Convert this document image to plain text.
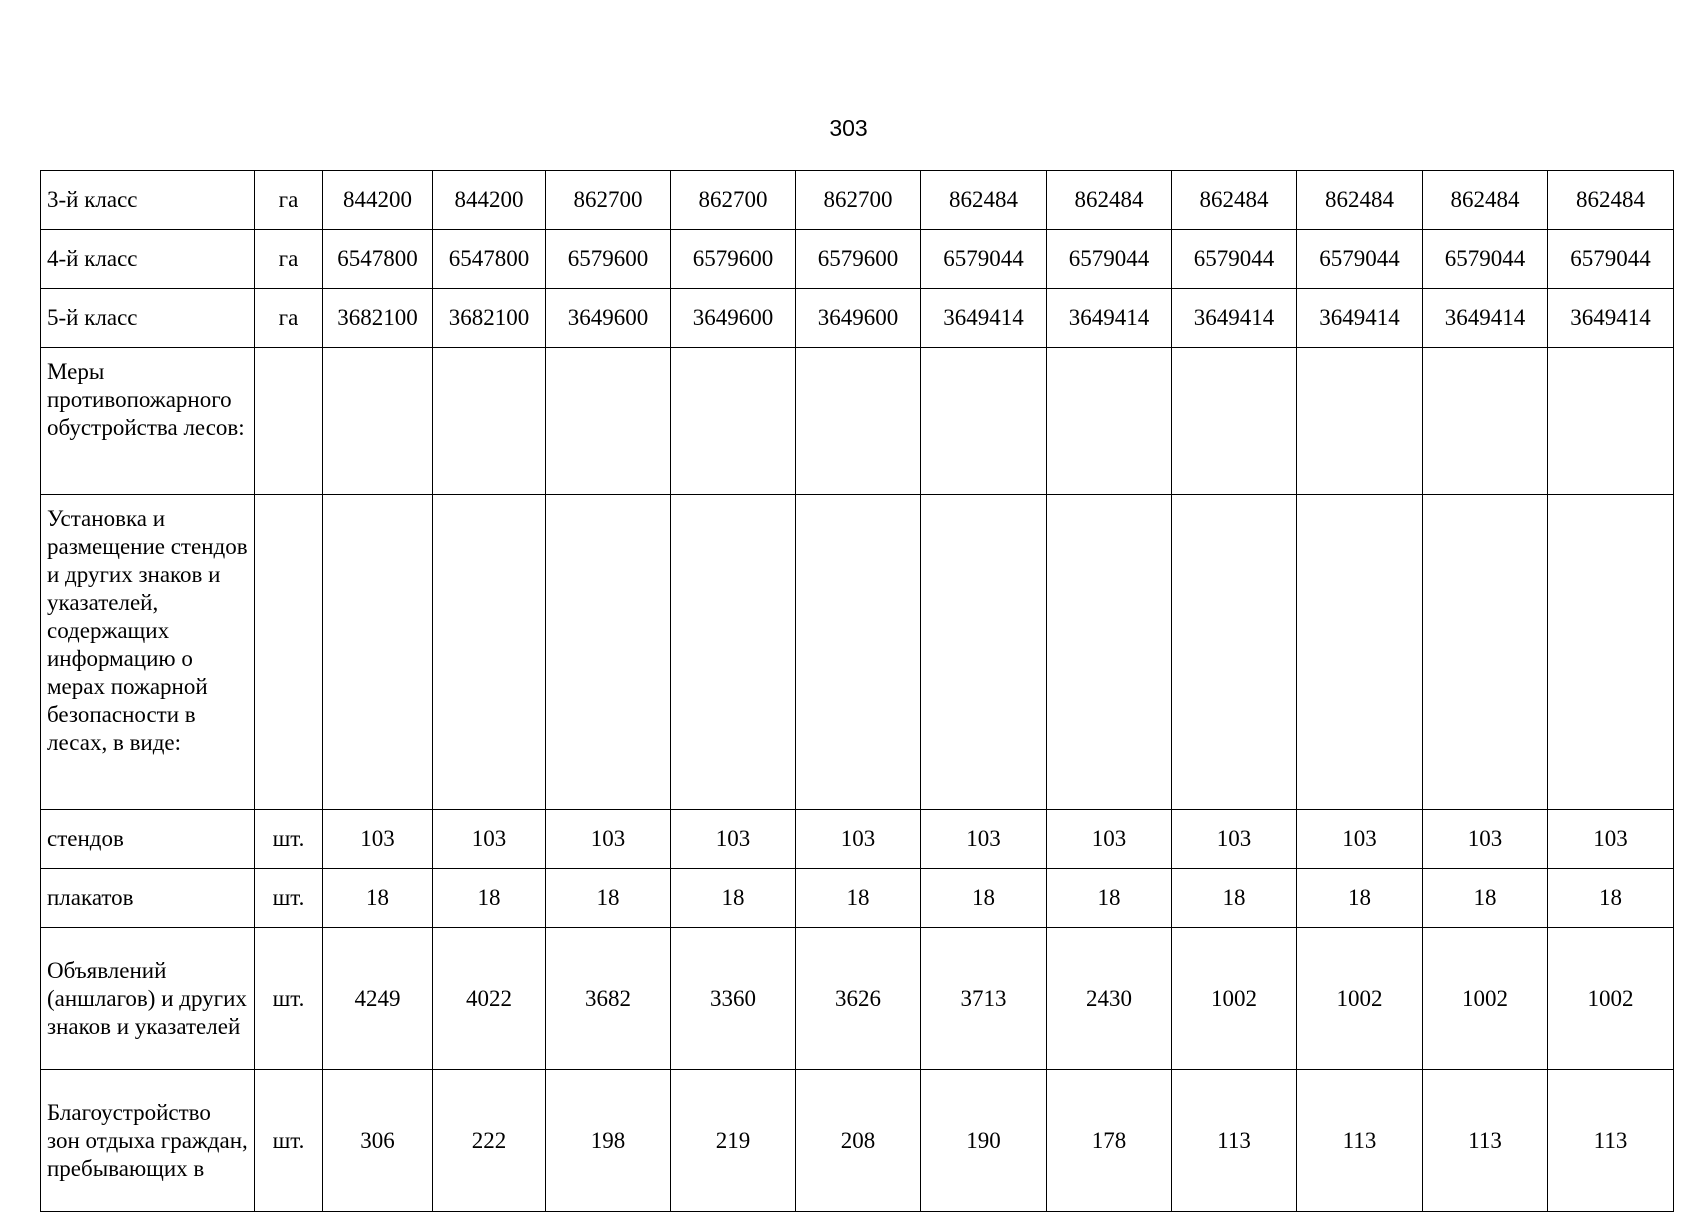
303
3-й класс	га	844200	844200	862700	862700	862700	862484	862484	862484	862484	862484	862484
4-й класс	га	6547800	6547800	6579600	6579600	6579600	6579044	6579044	6579044	6579044	6579044	6579044
5-й класс	га	3682100	3682100	3649600	3649600	3649600	3649414	3649414	3649414	3649414	3649414	3649414
Меры противопожарного обустройства лесов:												
Установка и размещение стендов и других знаков и указателей, содержащих информацию о мерах пожарной безопасности в лесах, в виде:												
стендов	шт.	103	103	103	103	103	103	103	103	103	103	103
плакатов	шт.	18	18	18	18	18	18	18	18	18	18	18
Объявлений (аншлагов) и других знаков и указателей	шт.	4249	4022	3682	3360	3626	3713	2430	1002	1002	1002	1002
Благоустройство зон отдыха граждан, пребывающих в	шт.	306	222	198	219	208	190	178	113	113	113	113
